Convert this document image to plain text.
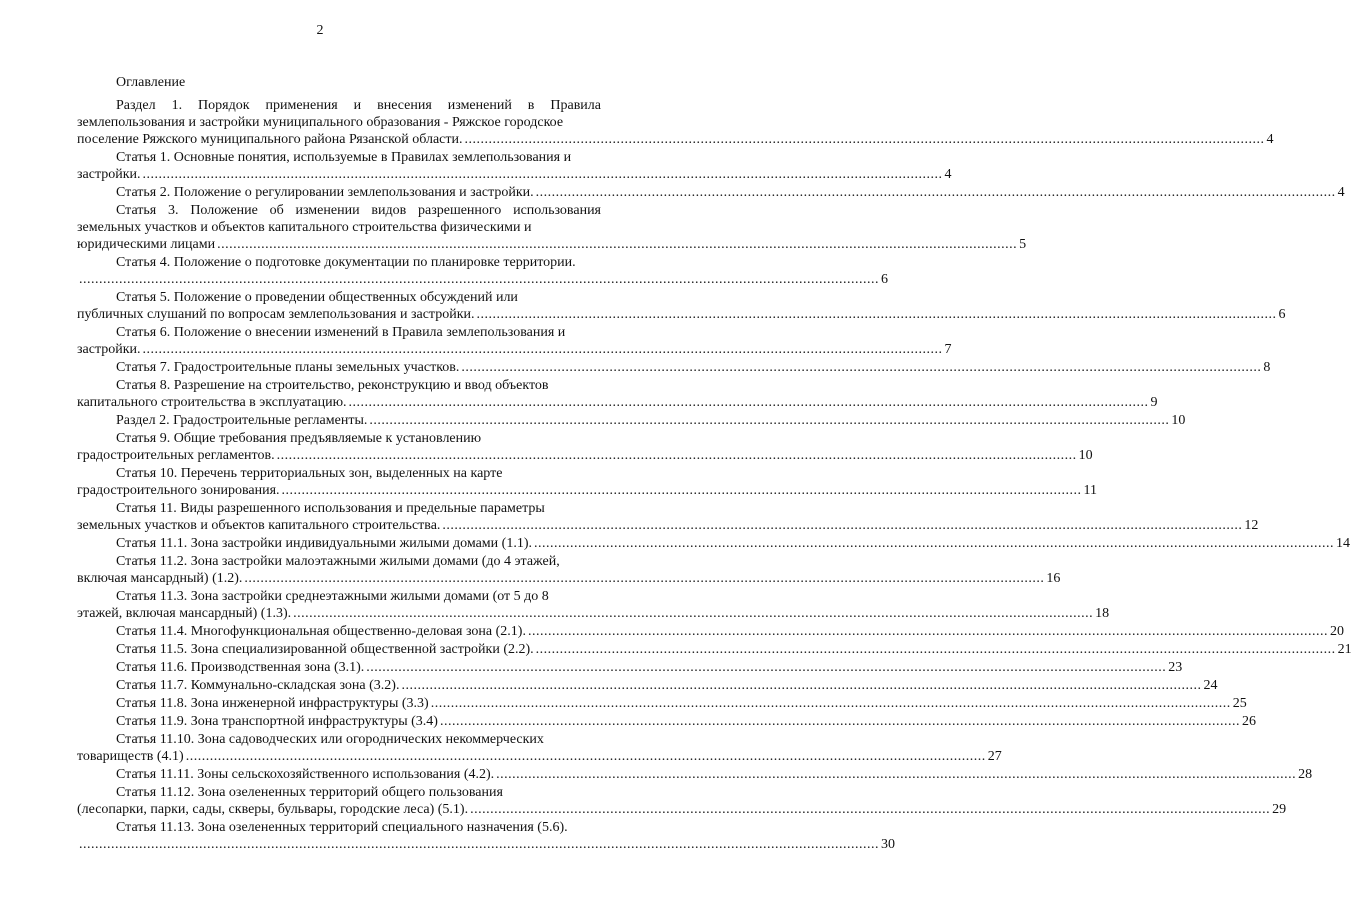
2
Оглавление
Раздел 1. Порядок применения и внесения изменений в Правила землепользования и застройки муниципального образования - Ряжское городское
поселение Ряжского муниципального района Рязанской области. ........................................................................................................................................................................................................ 4
Статья 1. Основные понятия, используемые в Правилах землепользования и
застройки. ........................................................................................................................................................................................................ 4
Статья 2. Положение о регулировании землепользования и застройки. ........................................................................................................................................................................................................ 4
Статья 3. Положение об изменении видов разрешенного использования земельных участков и объектов капитального строительства физическими и
юридическими лицами ........................................................................................................................................................................................................ 5
Статья 4. Положение о подготовке документации по планировке территории.
........................................................................................................................................................................................................ 6
Статья 5. Положение о проведении общественных обсуждений или
публичных слушаний по вопросам землепользования и застройки. ........................................................................................................................................................................................................ 6
Статья 6. Положение о внесении изменений в Правила землепользования и
застройки. ........................................................................................................................................................................................................ 7
Статья 7. Градостроительные планы земельных участков. ........................................................................................................................................................................................................ 8
Статья 8. Разрешение на строительство, реконструкцию и ввод объектов
капитального строительства в эксплуатацию. ........................................................................................................................................................................................................ 9
Раздел 2. Градостроительные регламенты. ........................................................................................................................................................................................................ 10
Статья 9. Общие требования предъявляемые к установлению
градостроительных регламентов. ........................................................................................................................................................................................................ 10
Статья 10. Перечень территориальных зон, выделенных на карте
градостроительного зонирования. ........................................................................................................................................................................................................ 11
Статья 11. Виды разрешенного использования и предельные параметры
земельных участков и объектов капитального строительства. ........................................................................................................................................................................................................ 12
Статья 11.1. Зона застройки индивидуальными жилыми домами (1.1). ........................................................................................................................................................................................................ 14
Статья 11.2. Зона застройки малоэтажными жилыми домами (до 4 этажей,
включая мансардный) (1.2). ........................................................................................................................................................................................................ 16
Статья 11.3. Зона застройки среднеэтажными жилыми домами (от 5 до 8
этажей, включая мансардный) (1.3). ........................................................................................................................................................................................................ 18
Статья 11.4. Многофункциональная общественно-деловая зона (2.1). ........................................................................................................................................................................................................ 20
Статья 11.5. Зона специализированной общественной застройки (2.2). ........................................................................................................................................................................................................ 21
Статья 11.6. Производственная зона (3.1). ........................................................................................................................................................................................................ 23
Статья 11.7. Коммунально-складская зона (3.2). ........................................................................................................................................................................................................ 24
Статья 11.8. Зона инженерной инфраструктуры (3.3) ........................................................................................................................................................................................................ 25
Статья 11.9. Зона транспортной инфраструктуры (3.4) ........................................................................................................................................................................................................ 26
Статья 11.10. Зона садоводческих или огороднических некоммерческих
товариществ (4.1) ........................................................................................................................................................................................................ 27
Статья 11.11. Зоны сельскохозяйственного использования (4.2). ........................................................................................................................................................................................................ 28
Статья 11.12. Зона озелененных территорий общего пользования
(лесопарки, парки, сады, скверы, бульвары, городские леса) (5.1). ........................................................................................................................................................................................................ 29
Статья 11.13. Зона озелененных территорий специального назначения (5.6).
........................................................................................................................................................................................................ 30
